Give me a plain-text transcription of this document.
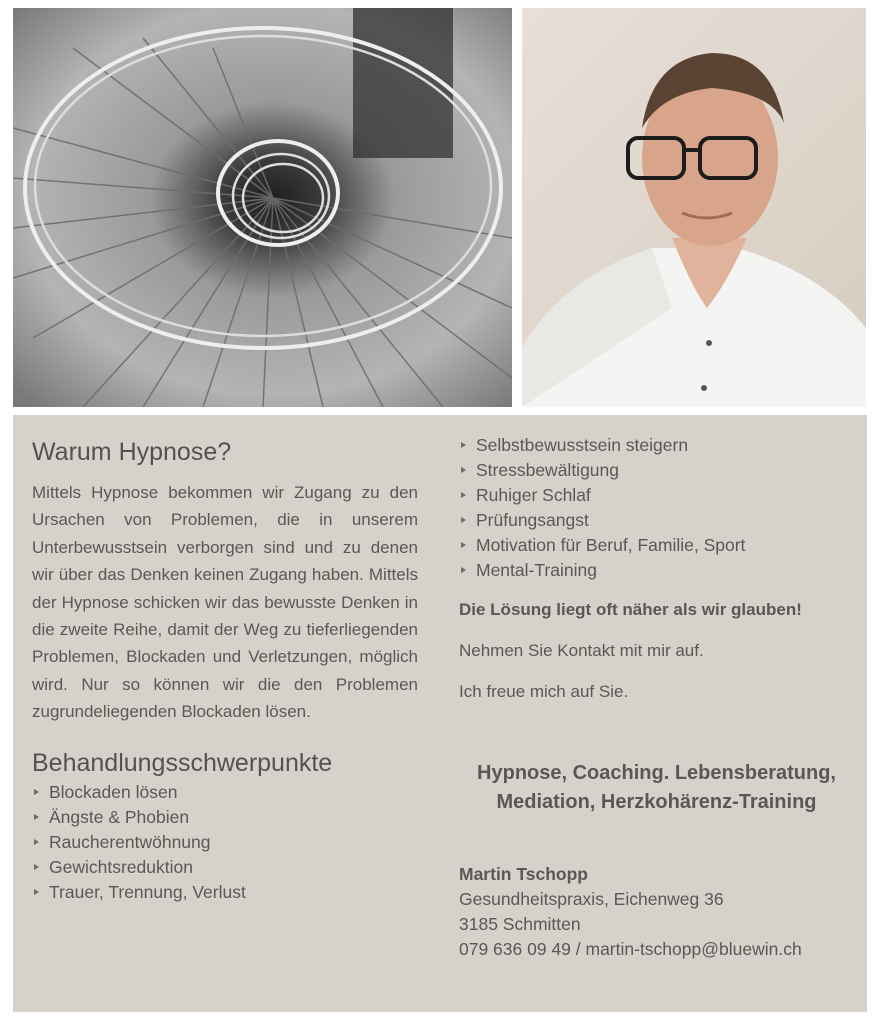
Warum Hypnose?

Mittels Hypnose bekommen wir Zugang zu den Ursachen von Problemen, die in unserem Unterbewusstsein verborgen sind und zu denen wir über das Denken keinen Zugang haben. Mittels der Hypnose schicken wir das bewusste Denken in die zweite Reihe, damit der Weg zu tieferliegenden Problemen, Blockaden und Verletzungen, möglich wird. Nur so können wir die den Problemen zugrundeliegenden Blockaden lösen.

Behandlungsschwerpunkte
Blockaden lösen
Ängste & Phobien
Raucherentwöhnung
Gewichtsreduktion
Trauer, Trennung, Verlust
Selbstbewusstsein steigern
Stressbewältigung
Ruhiger Schlaf
Prüfungsangst
Motivation für Beruf, Familie, Sport
Mental-Training

Die Lösung liegt oft näher als wir glauben!

Nehmen Sie Kontakt mit mir auf.

Ich freue mich auf Sie.

Hypnose, Coaching. Lebensberatung,
Mediation, Herzkohärenz-Training
Martin Tschopp
Gesundheitspraxis, Eichenweg 36
3185 Schmitten
079 636 09 49 / martin-tschopp@bluewin.ch
